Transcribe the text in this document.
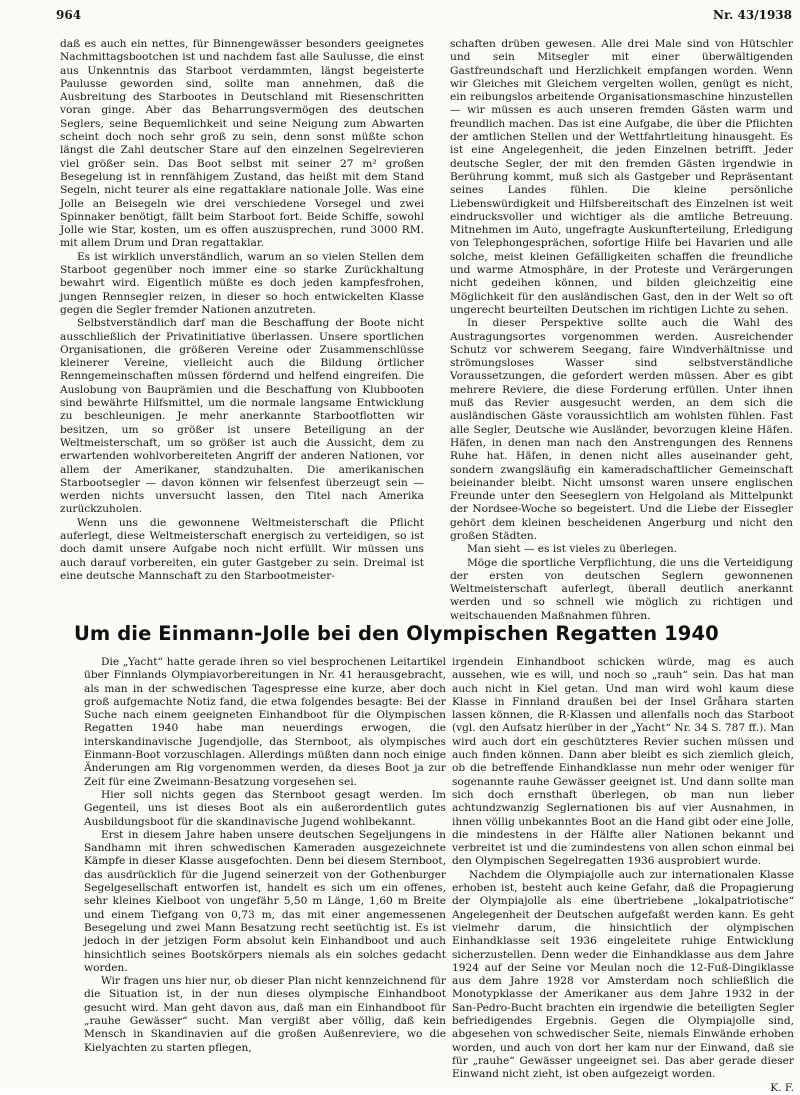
964	Nr. 43/1938

daß es auch ein nettes, für Binnengewässer besonders geeignetes Nachmittagsbootchen ist und nachdem fast alle Saulusse, die einst aus Unkenntnis das Starboot verdammten, längst begeisterte Paulusse geworden sind, sollte man annehmen, daß die Ausbreitung des Starbootes in Deutschland mit Riesenschritten voran ginge. Aber das Beharrungsvermögen des deutschen Seglers, seine Bequemlichkeit und seine Neigung zum Abwarten scheint doch noch sehr groß zu sein, denn sonst müßte schon längst die Zahl deutscher Stare auf den einzelnen Segelrevieren viel größer sein. Das Boot selbst mit seiner 27 m² großen Besegelung ist in rennfähigem Zustand, das heißt mit dem Stand Segeln, nicht teurer als eine regattaklare nationale Jolle. Was eine Jolle an Beisegeln wie drei verschiedene Vorsegel und zwei Spinnaker benötigt, fällt beim Starboot fort. Beide Schiffe, sowohl Jolle wie Star, kosten, um es offen auszusprechen, rund 3000 RM. mit allem Drum und Dran regattaklar.

Es ist wirklich unverständlich, warum an so vielen Stellen dem Starboot gegenüber noch immer eine so starke Zurückhaltung bewahrt wird. Eigentlich müßte es doch jeden kampfesfrohen, jungen Rennsegler reizen, in dieser so hoch entwickelten Klasse gegen die Segler fremder Nationen anzutreten.

Selbstverständlich darf man die Beschaffung der Boote nicht ausschließlich der Privatinitiative überlassen. Unsere sportlichen Organisationen, die größeren Vereine oder Zusammenschlüsse kleinerer Vereine, vielleicht auch die Bildung örtlicher Renngemeinschaften müssen fördernd und helfend eingreifen. Die Auslobung von Bauprämien und die Beschaffung von Klubbooten sind bewährte Hilfsmittel, um die normale langsame Entwicklung zu beschleunigen. Je mehr anerkannte Starbootflotten wir besitzen, um so größer ist unsere Beteiligung an der Weltmeisterschaft, um so größer ist auch die Aussicht, dem zu erwartenden wohlvorbereiteten Angriff der anderen Nationen, vor allem der Amerikaner, standzuhalten. Die amerikanischen Starbootsegler — davon können wir felsenfest überzeugt sein — werden nichts unversucht lassen, den Titel nach Amerika zurückzuholen.

Wenn uns die gewonnene Weltmeisterschaft die Pflicht auferlegt, diese Weltmeisterschaft energisch zu verteidigen, so ist doch damit unsere Aufgabe noch nicht erfüllt. Wir müssen uns auch darauf vorbereiten, ein guter Gastgeber zu sein. Dreimal ist eine deutsche Mannschaft zu den Starbootmeister-

schaften drüben gewesen. Alle drei Male sind von Hütschler und sein Mitsegler mit einer überwältigenden Gastfreundschaft und Herzlichkeit empfangen worden. Wenn wir Gleiches mit Gleichem vergelten wollen, genügt es nicht, ein reibungslos arbeitende Organisationsmaschine hinzustellen — wir müssen es auch unseren fremden Gästen warm und freundlich machen. Das ist eine Aufgabe, die über die Pflichten der amtlichen Stellen und der Wettfahrtleitung hinausgeht. Es ist eine Angelegenheit, die jeden Einzelnen betrifft. Jeder deutsche Segler, der mit den fremden Gästen irgendwie in Berührung kommt, muß sich als Gastgeber und Repräsentant seines Landes fühlen. Die kleine persönliche Liebenswürdigkeit und Hilfsbereitschaft des Einzelnen ist weit eindrucksvoller und wichtiger als die amtliche Betreuung. Mitnehmen im Auto, ungefragte Auskunfterteilung, Erledigung von Telephongesprächen, sofortige Hilfe bei Havarien und alle solche, meist kleinen Gefälligkeiten schaffen die freundliche und warme Atmosphäre, in der Proteste und Verärgerungen nicht gedeihen können, und bilden gleichzeitig eine Möglichkeit für den ausländischen Gast, den in der Welt so oft ungerecht beurteilten Deutschen im richtigen Lichte zu sehen.

In dieser Perspektive sollte auch die Wahl des Austragungsortes vorgenommen werden. Ausreichender Schutz vor schwerem Seegang, faire Windverhältnisse und strömungsloses Wasser sind selbstverständliche Voraussetzungen, die gefordert werden müssen. Aber es gibt mehrere Reviere, die diese Forderung erfüllen. Unter ihnen muß das Revier ausgesucht werden, an dem sich die ausländischen Gäste voraussichtlich am wohlsten fühlen. Fast alle Segler, Deutsche wie Ausländer, bevorzugen kleine Häfen. Häfen, in denen man nach den Anstrengungen des Rennens Ruhe hat. Häfen, in denen nicht alles auseinander geht, sondern zwangsläufig ein kameradschaftlicher Gemeinschaft beieinander bleibt. Nicht umsonst waren unsere englischen Freunde unter den Seeseglern von Helgoland als Mittelpunkt der Nordsee-Woche so begeistert. Und die Liebe der Eissegler gehört dem kleinen bescheidenen Angerburg und nicht den großen Städten.

Man sieht — es ist vieles zu überlegen.

Möge die sportliche Verpflichtung, die uns die Verteidigung der ersten von deutschen Seglern gewonnenen Weltmeisterschaft auferlegt, überall deutlich anerkannt werden und so schnell wie möglich zu richtigen und weitschauenden Maßnahmen führen.

Um die Einmann-Jolle bei den Olympischen Regatten 1940

Die „Yacht“ hatte gerade ihren so viel besprochenen Leitartikel über Finnlands Olympiavorbereitungen in Nr. 41 herausgebracht, als man in der schwedischen Tagespresse eine kurze, aber doch groß aufgemachte Notiz fand, die etwa folgendes besagte: Bei der Suche nach einem geeigneten Einhandboot für die Olympischen Regatten 1940 habe man neuerdings erwogen, die interskandinavische Jugendjolle, das Sternboot, als olympisches Einmann-Boot vorzuschlagen. Allerdings müßten dann noch einige Änderungen am Rig vorgenommen werden, da dieses Boot ja zur Zeit für eine Zweimann-Besatzung vorgesehen sei.

Hier soll nichts gegen das Sternboot gesagt werden. Im Gegenteil, uns ist dieses Boot als ein außerordentlich gutes Ausbildungsboot für die skandinavische Jugend wohlbekannt.

Erst in diesem Jahre haben unsere deutschen Segeljungens in Sandhamn mit ihren schwedischen Kameraden ausgezeichnete Kämpfe in dieser Klasse ausgefochten. Denn bei diesem Sternboot, das ausdrücklich für die Jugend seinerzeit von der Gothenburger Segelgesellschaft entworfen ist, handelt es sich um ein offenes, sehr kleines Kielboot von ungefähr 5,50 m Länge, 1,60 m Breite und einem Tiefgang von 0,73 m, das mit einer angemessenen Besegelung und zwei Mann Besatzung recht seetüchtig ist. Es ist jedoch in der jetzigen Form absolut kein Einhandboot und auch hinsichtlich seines Bootskörpers niemals als ein solches gedacht worden.

Wir fragen uns hier nur, ob dieser Plan nicht kennzeichnend für die Situation ist, in der nun dieses olympische Einhandboot gesucht wird. Man geht davon aus, daß man ein Einhandboot für „rauhe Gewässer“ sucht. Man vergißt aber völlig, daß kein Mensch in Skandinavien auf die großen Außenreviere, wo die Kielyachten zu starten pflegen,

irgendein Einhandboot schicken würde, mag es auch aussehen, wie es will, und noch so „rauh“ sein. Das hat man auch nicht in Kiel getan. Und man wird wohl kaum diese Klasse in Finnland draußen bei der Insel Gråhara starten lassen können, die R-Klassen und allenfalls noch das Starboot (vgl. den Aufsatz hierüber in der „Yacht“ Nr. 34 S. 787 ff.). Man wird auch dort ein geschützteres Revier suchen müssen und auch finden können. Dann aber bleibt es sich ziemlich gleich, ob die betreffende Einhandklasse nun mehr oder weniger für sogenannte rauhe Gewässer geeignet ist. Und dann sollte man sich doch ernsthaft überlegen, ob man nun lieber achtundzwanzig Seglernationen bis auf vier Ausnahmen, in ihnen völlig unbekanntes Boot an die Hand gibt oder eine Jolle, die mindestens in der Hälfte aller Nationen bekannt und verbreitet ist und die zumindestens von allen schon einmal bei den Olympischen Segelregatten 1936 ausprobiert wurde.

Nachdem die Olympiajolle auch zur internationalen Klasse erhoben ist, besteht auch keine Gefahr, daß die Propagierung der Olympiajolle als eine übertriebene „lokalpatriotische“ Angelegenheit der Deutschen aufgefaßt werden kann. Es geht vielmehr darum, die hinsichtlich der olympischen Einhandklasse seit 1936 eingeleitete ruhige Entwicklung sicherzustellen. Denn weder die Einhandklasse aus dem Jahre 1924 auf der Seine vor Meulan noch die 12-Fuß-Dingiklasse aus dem Jahre 1928 vor Amsterdam noch schließlich die Monotypklasse der Amerikaner aus dem Jahre 1932 in der San-Pedro-Bucht brachten ein irgendwie die beteiligten Segler befriedigendes Ergebnis. Gegen die Olympiajolle sind, abgesehen von schwedischer Seite, niemals Einwände erhoben worden, und auch von dort her kam nur der Einwand, daß sie für „rauhe“ Gewässer ungeeignet sei. Das aber gerade dieser Einwand nicht zieht, ist oben aufgezeigt worden.

K. F.
